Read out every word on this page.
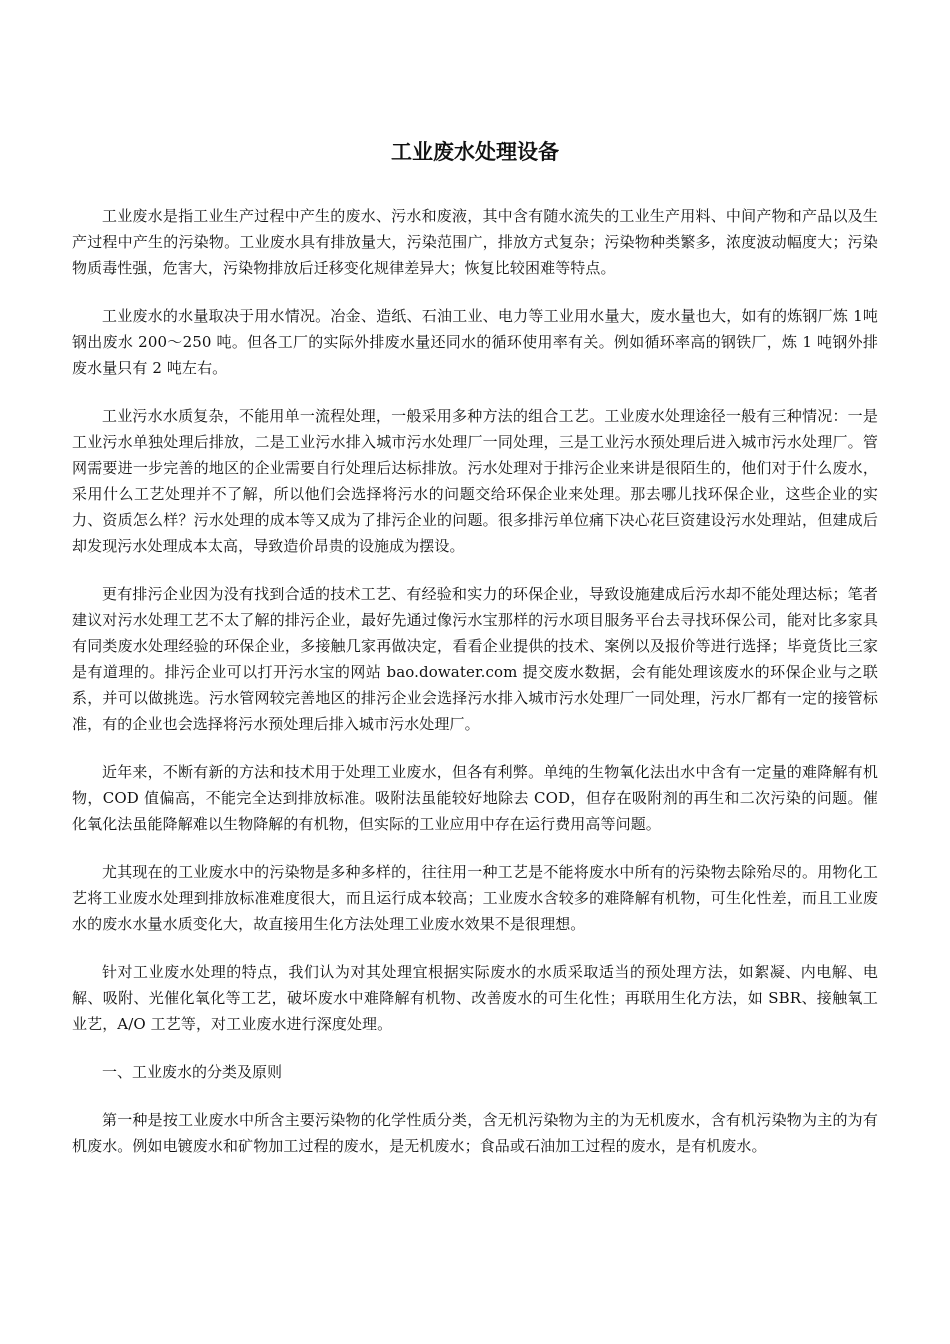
工业废水处理设备

工业废水是指工业生产过程中产生的废水、污水和废液，其中含有随水流失的工业生产用料、中间产物和产品以及生产过程中产生的污染物。工业废水具有排放量大，污染范围广，排放方式复杂；污染物种类繁多，浓度波动幅度大；污染物质毒性强，危害大，污染物排放后迁移变化规律差异大；恢复比较困难等特点。

工业废水的水量取决于用水情况。冶金、造纸、石油工业、电力等工业用水量大，废水量也大，如有的炼钢厂炼 1吨钢出废水 200～250 吨。但各工厂的实际外排废水量还同水的循环使用率有关。例如循环率高的钢铁厂，炼 1 吨钢外排废水量只有 2 吨左右。

工业污水水质复杂，不能用单一流程处理，一般采用多种方法的组合工艺。工业废水处理途径一般有三种情况：一是工业污水单独处理后排放，二是工业污水排入城市污水处理厂一同处理，三是工业污水预处理后进入城市污水处理厂。管网需要进一步完善的地区的企业需要自行处理后达标排放。污水处理对于排污企业来讲是很陌生的，他们对于什么废水，采用什么工艺处理并不了解，所以他们会选择将污水的问题交给环保企业来处理。那去哪儿找环保企业，这些企业的实力、资质怎么样？污水处理的成本等又成为了排污企业的问题。很多排污单位痛下决心花巨资建设污水处理站，但建成后却发现污水处理成本太高，导致造价昂贵的设施成为摆设。

更有排污企业因为没有找到合适的技术工艺、有经验和实力的环保企业，导致设施建成后污水却不能处理达标；笔者建议对污水处理工艺不太了解的排污企业，最好先通过像污水宝那样的污水项目服务平台去寻找环保公司，能对比多家具有同类废水处理经验的环保企业，多接触几家再做决定，看看企业提供的技术、案例以及报价等进行选择；毕竟货比三家是有道理的。排污企业可以打开污水宝的网站 bao.dowater.com 提交废水数据，会有能处理该废水的环保企业与之联系，并可以做挑选。污水管网较完善地区的排污企业会选择污水排入城市污水处理厂一同处理，污水厂都有一定的接管标准，有的企业也会选择将污水预处理后排入城市污水处理厂。

近年来，不断有新的方法和技术用于处理工业废水，但各有利弊。单纯的生物氧化法出水中含有一定量的难降解有机物，COD 值偏高，不能完全达到排放标准。吸附法虽能较好地除去 COD，但存在吸附剂的再生和二次污染的问题。催化氧化法虽能降解难以生物降解的有机物，但实际的工业应用中存在运行费用高等问题。

尤其现在的工业废水中的污染物是多种多样的，往往用一种工艺是不能将废水中所有的污染物去除殆尽的。用物化工艺将工业废水处理到排放标准难度很大，而且运行成本较高；工业废水含较多的难降解有机物，可生化性差，而且工业废水的废水水量水质变化大，故直接用生化方法处理工业废水效果不是很理想。

针对工业废水处理的特点，我们认为对其处理宜根据实际废水的水质采取适当的预处理方法，如絮凝、内电解、电解、吸附、光催化氧化等工艺，破坏废水中难降解有机物、改善废水的可生化性；再联用生化方法，如 SBR、接触氧工业艺，A/O 工艺等，对工业废水进行深度处理。

一、工业废水的分类及原则

第一种是按工业废水中所含主要污染物的化学性质分类，含无机污染物为主的为无机废水，含有机污染物为主的为有机废水。例如电镀废水和矿物加工过程的废水，是无机废水；食品或石油加工过程的废水，是有机废水。
